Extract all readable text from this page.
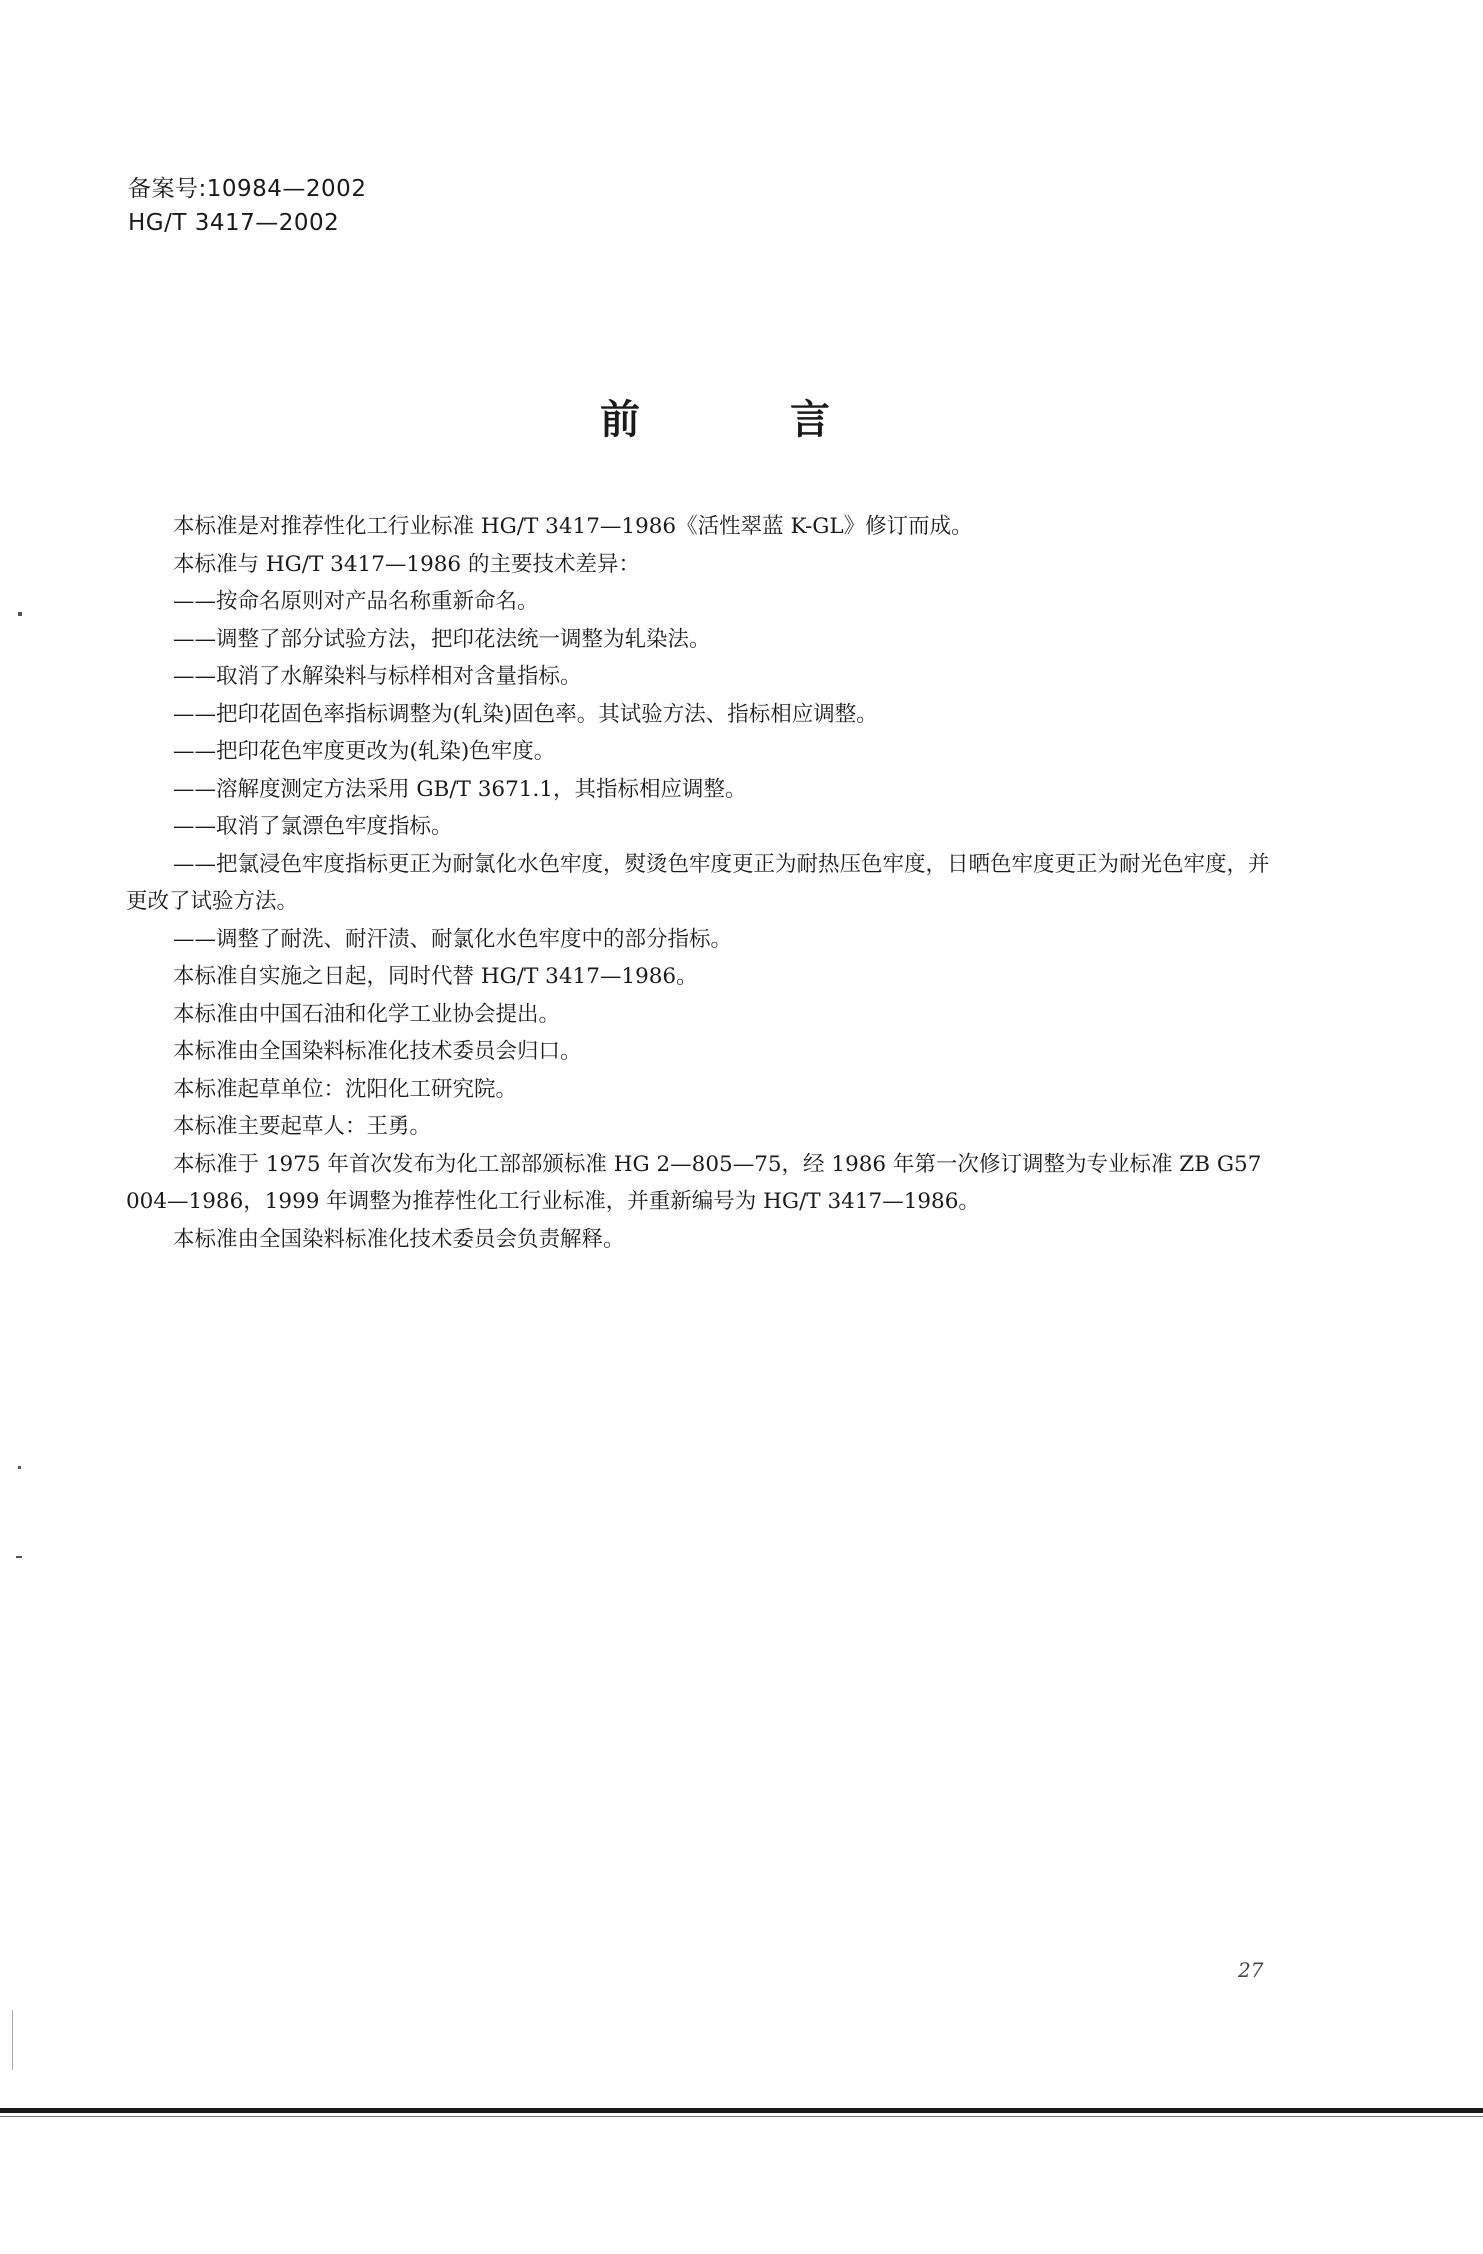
备案号:10984—2002
HG/T 3417—2002
前	言

本标准是对推荐性化工行业标准 HG/T 3417—1986《活性翠蓝 K-GL》修订而成。

本标准与 HG/T 3417—1986 的主要技术差异：

——按命名原则对产品名称重新命名。

——调整了部分试验方法，把印花法统一调整为轧染法。

——取消了水解染料与标样相对含量指标。

——把印花固色率指标调整为(轧染)固色率。其试验方法、指标相应调整。

——把印花色牢度更改为(轧染)色牢度。

——溶解度测定方法采用 GB/T 3671.1，其指标相应调整。

——取消了氯漂色牢度指标。

——把氯浸色牢度指标更正为耐氯化水色牢度，熨烫色牢度更正为耐热压色牢度，日晒色牢度更正为耐光色牢度，并更改了试验方法。

——调整了耐洗、耐汗渍、耐氯化水色牢度中的部分指标。

本标准自实施之日起，同时代替 HG/T 3417—1986。

本标准由中国石油和化学工业协会提出。

本标准由全国染料标准化技术委员会归口。

本标准起草单位：沈阳化工研究院。

本标准主要起草人：王勇。

本标准于 1975 年首次发布为化工部部颁标准 HG 2—805—75，经 1986 年第一次修订调整为专业标准 ZB G57 004—1986，1999 年调整为推荐性化工行业标准，并重新编号为 HG/T 3417—1986。

本标准由全国染料标准化技术委员会负责解释。

27
